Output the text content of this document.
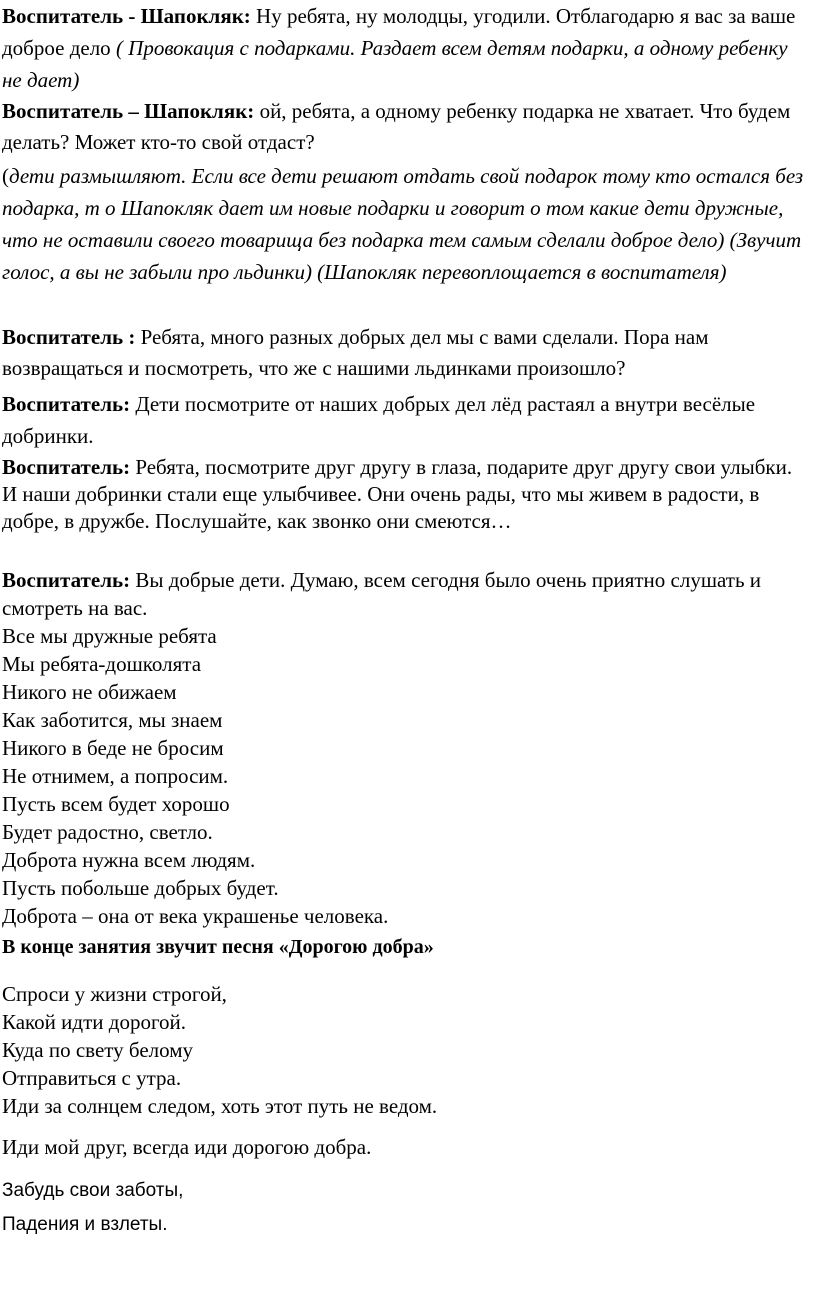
Воспитатель - Шапокляк: Ну ребята, ну молодцы, угодили. Отблагодарю я вас за ваше доброе дело ( Провокация с подарками. Раздает всем детям подарки, а одному ребенку не дает)

Воспитатель – Шапокляк: ой, ребята, а одному ребенку подарка не хватает. Что будем делать? Может кто-то свой отдаст?

(дети размышляют. Если все дети решают отдать свой подарок тому кто остался без подарка, т о Шапокляк дает им новые подарки и говорит о том какие дети дружные, что не оставили своего товарища без подарка тем самым сделали доброе дело) (Звучит голос, а вы не забыли про льдинки) (Шапокляк перевоплощается в воспитателя)

Воспитатель : Ребята, много разных добрых дел мы с вами сделали. Пора нам возвращаться и посмотреть, что же с нашими льдинками произошло?

Воспитатель: Дети посмотрите от наших добрых дел лёд растаял а внутри весёлые добринки.

Воспитатель: Ребята, посмотрите друг другу в глаза, подарите друг другу свои улыбки. И наши добринки стали еще улыбчивее. Они очень рады, что мы живем в радости, в добре, в дружбе. Послушайте, как звонко они смеются…

Воспитатель: Вы добрые дети. Думаю, всем сегодня было очень приятно слушать и смотреть на вас.

Все мы дружные ребята
Мы ребята-дошколята
Никого не обижаем
Как заботится, мы знаем
Никого в беде не бросим
Не отнимем, а попросим.
Пусть всем будет хорошо
Будет радостно, светло.
Доброта нужна всем людям.
Пусть побольше добрых будет.
Доброта – она от века украшенье человека.

В конце занятия звучит песня «Дорогою добра»

Спроси у жизни строгой,
Какой идти дорогой.
Куда по свету белому
Отправиться с утра.
Иди за солнцем следом, хоть этот путь не ведом.

Иди мой друг, всегда иди дорогою добра.

Забудь свои заботы,

Падения и взлеты.
